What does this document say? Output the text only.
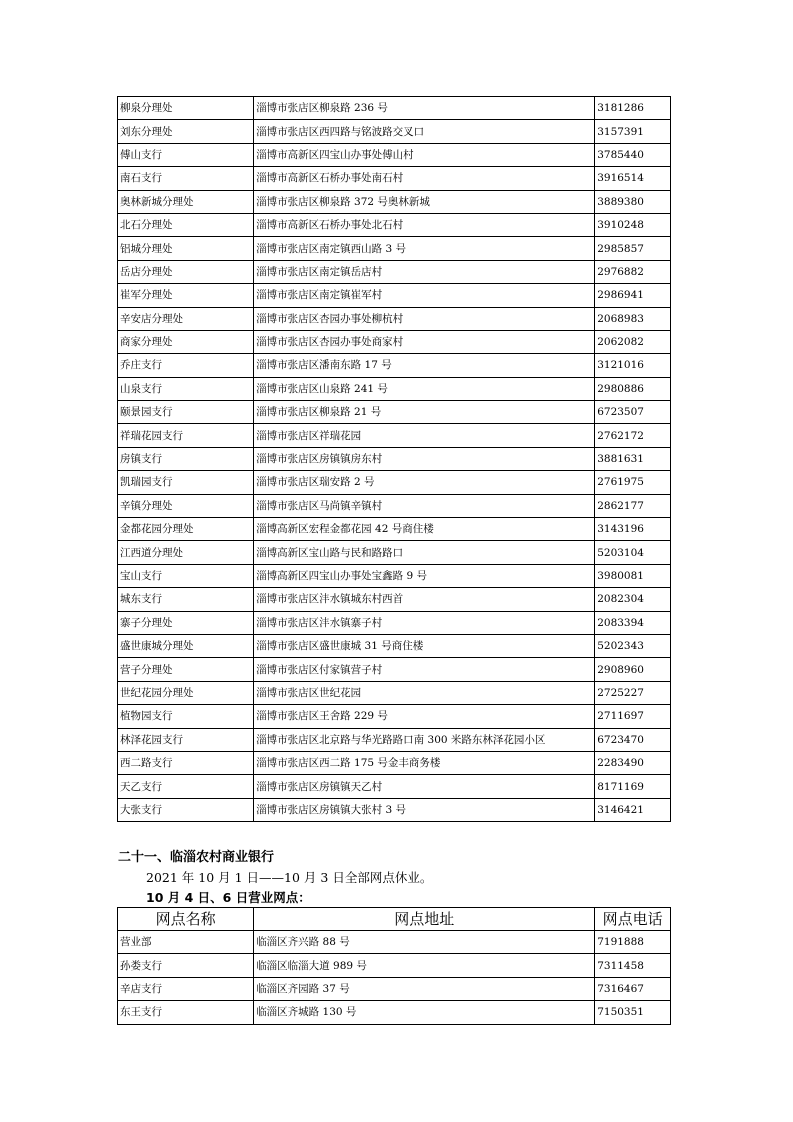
柳泉分理处	淄博市张店区柳泉路 236 号	3181286
刘东分理处	淄博市张店区西四路与铭波路交叉口	3157391
傅山支行	淄博市高新区四宝山办事处傅山村	3785440
南石支行	淄博市高新区石桥办事处南石村	3916514
奥林新城分理处	淄博市张店区柳泉路 372 号奥林新城	3889380
北石分理处	淄博市高新区石桥办事处北石村	3910248
铝城分理处	淄博市张店区南定镇西山路 3 号	2985857
岳店分理处	淄博市张店区南定镇岳店村	2976882
崔军分理处	淄博市张店区南定镇崔军村	2986941
辛安店分理处	淄博市张店区杏园办事处柳杭村	2068983
商家分理处	淄博市张店区杏园办事处商家村	2062082
乔庄支行	淄博市张店区潘南东路 17 号	3121016
山泉支行	淄博市张店区山泉路 241 号	2980886
颐景园支行	淄博市张店区柳泉路 21 号	6723507
祥瑞花园支行	淄博市张店区祥瑞花园	2762172
房镇支行	淄博市张店区房镇镇房东村	3881631
凯瑞园支行	淄博市张店区瑞安路 2 号	2761975
辛镇分理处	淄博市张店区马尚镇辛镇村	2862177
金都花园分理处	淄博高新区宏程金都花园 42 号商住楼	3143196
江西道分理处	淄博高新区宝山路与民和路路口	5203104
宝山支行	淄博高新区四宝山办事处宝鑫路 9 号	3980081
城东支行	淄博市张店区沣水镇城东村西首	2082304
寨子分理处	淄博市张店区沣水镇寨子村	2083394
盛世康城分理处	淄博市张店区盛世康城 31 号商住楼	5202343
营子分理处	淄博市张店区付家镇营子村	2908960
世纪花园分理处	淄博市张店区世纪花园	2725227
植物园支行	淄博市张店区王舍路 229 号	2711697
林泽花园支行	淄博市张店区北京路与华光路路口南 300 米路东林泽花园小区	6723470
西二路支行	淄博市张店区西二路 175 号金丰商务楼	2283490
天乙支行	淄博市张店区房镇镇天乙村	8171169
大张支行	淄博市张店区房镇镇大张村 3 号	3146421
二十一、临淄农村商业银行
2021 年 10 月 1 日——10 月 3 日全部网点休业。
10 月 4 日、6 日营业网点：
网点名称	网点地址	网点电话
营业部	临淄区齐兴路 88 号	7191888
孙娄支行	临淄区临淄大道 989 号	7311458
辛店支行	临淄区齐园路 37 号	7316467
东王支行	临淄区齐城路 130 号	7150351
